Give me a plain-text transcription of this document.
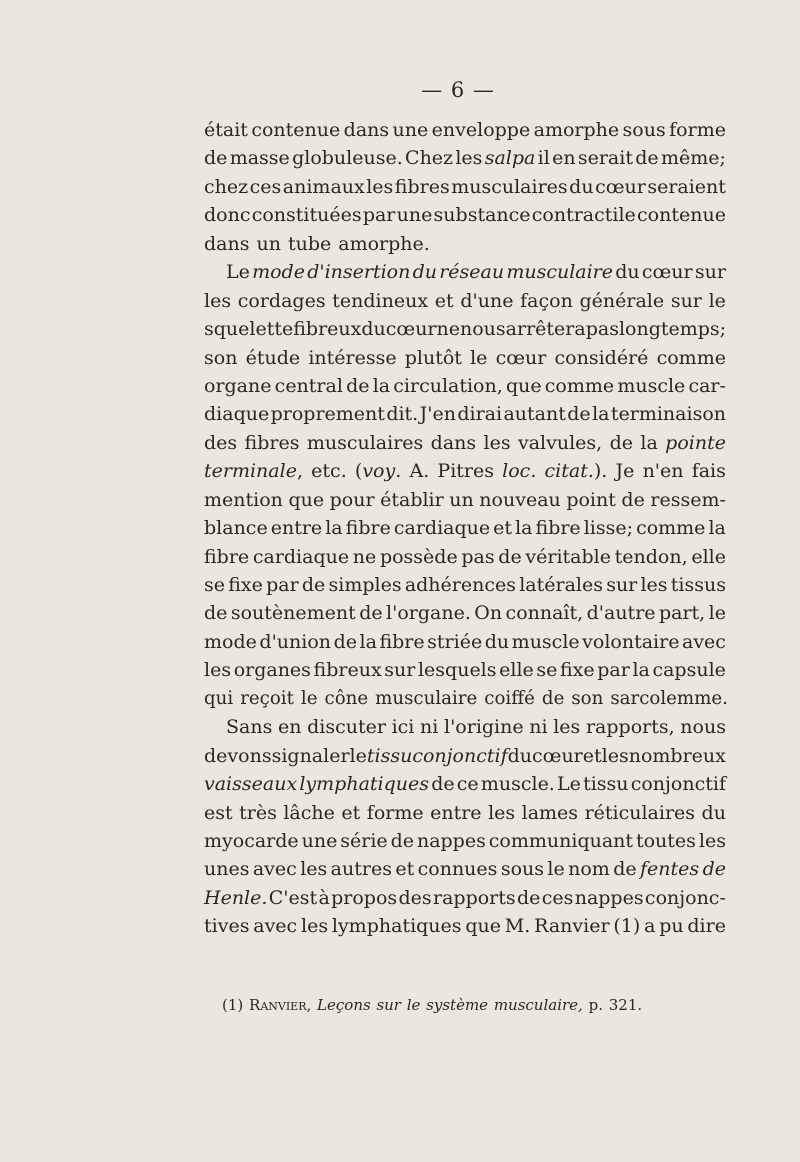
— 6 —
était contenue dans une enveloppe amorphe sous forme
de masse globuleuse. Chez les salpa il en serait de même;
chez ces animaux les fibres musculaires du cœur seraient
donc constituées par une substance contractile contenue
dans un tube amorphe.
Le mode d'insertion du réseau musculaire du cœur sur
les cordages tendineux et d'une façon générale sur le
squelette fibreux du cœur ne nous arrêtera pas longtemps;
son étude intéresse plutôt le cœur considéré comme
organe central de la circulation, que comme muscle car-
diaque proprement dit. J'en dirai autant de la terminaison
des fibres musculaires dans les valvules, de la pointe
terminale, etc. (voy. A. Pitres loc. citat.). Je n'en fais
mention que pour établir un nouveau point de ressem-
blance entre la fibre cardiaque et la fibre lisse; comme la
fibre cardiaque ne possède pas de véritable tendon, elle
se fixe par de simples adhérences latérales sur les tissus
de soutènement de l'organe. On connaît, d'autre part, le
mode d'union de la fibre striée du muscle volontaire avec
les organes fibreux sur lesquels elle se fixe par la capsule
qui reçoit le cône musculaire coiffé de son sarcolemme.
Sans en discuter ici ni l'origine ni les rapports, nous
devons signaler le tissu conjonctif du cœur et les nombreux
vaisseaux lymphatiques de ce muscle. Le tissu conjonctif
est très lâche et forme entre les lames réticulaires du
myocarde une série de nappes communiquant toutes les
unes avec les autres et connues sous le nom de fentes de
Henle. C'est à propos des rapports de ces nappes conjonc-
tives avec les lymphatiques que M. Ranvier (1) a pu dire
(1) Ranvier, Leçons sur le système musculaire, p. 321.
